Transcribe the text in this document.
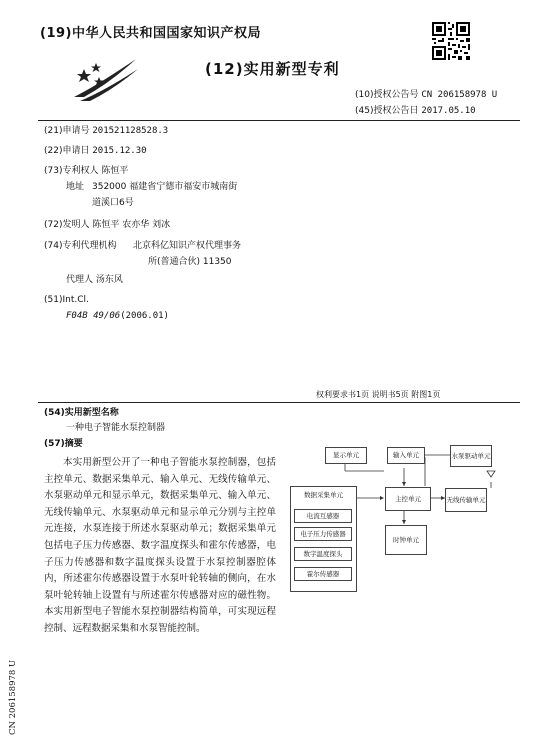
(19)中华人民共和国国家知识产权局
(12)实用新型专利
(10)授权公告号 CN 206158978 U
(45)授权公告日 2017.05.10
(21)申请号 201521128528.3
(22)申请日 2015.12.30
(73)专利权人 陈恒平
地址 352000 福建省宁德市福安市城南街
道溪口6号
(72)发明人 陈恒平 农亦华 刘冰
(74)专利代理机构 北京科亿知识产权代理事务
所(普通合伙) 11350
代理人 汤东风
(51)Int.Cl.
F04B 49/06(2006.01)
权利要求书1页 说明书5页 附图1页
(54)实用新型名称
一种电子智能水泵控制器
(57)摘要
本实用新型公开了一种电子智能水泵控制器，包括主控单元、数据采集单元、输入单元、无线传输单元、水泵驱动单元和显示单元，数据采集单元、输入单元、无线传输单元、水泵驱动单元和显示单元分别与主控单元连接，水泵连接于所述水泵驱动单元；数据采集单元包括电子压力传感器、数字温度探头和霍尔传感器，电子压力传感器和数字温度探头设置于水泵控制器腔体内，所述霍尔传感器设置于水泵叶轮转轴的侧向，在水泵叶轮转轴上设置有与所述霍尔传感器对应的磁性物。本实用新型电子智能水泵控制器结构简单，可实现远程控制、远程数据采集和水泵智能控制。
显示单元	输入单元	水泵驱动单元
主控单元	无线传输单元
时钟单元
数据采集单元
电流互感器
电子压力传感器
数字温度探头
霍尔传感器
CN 206158978 U
